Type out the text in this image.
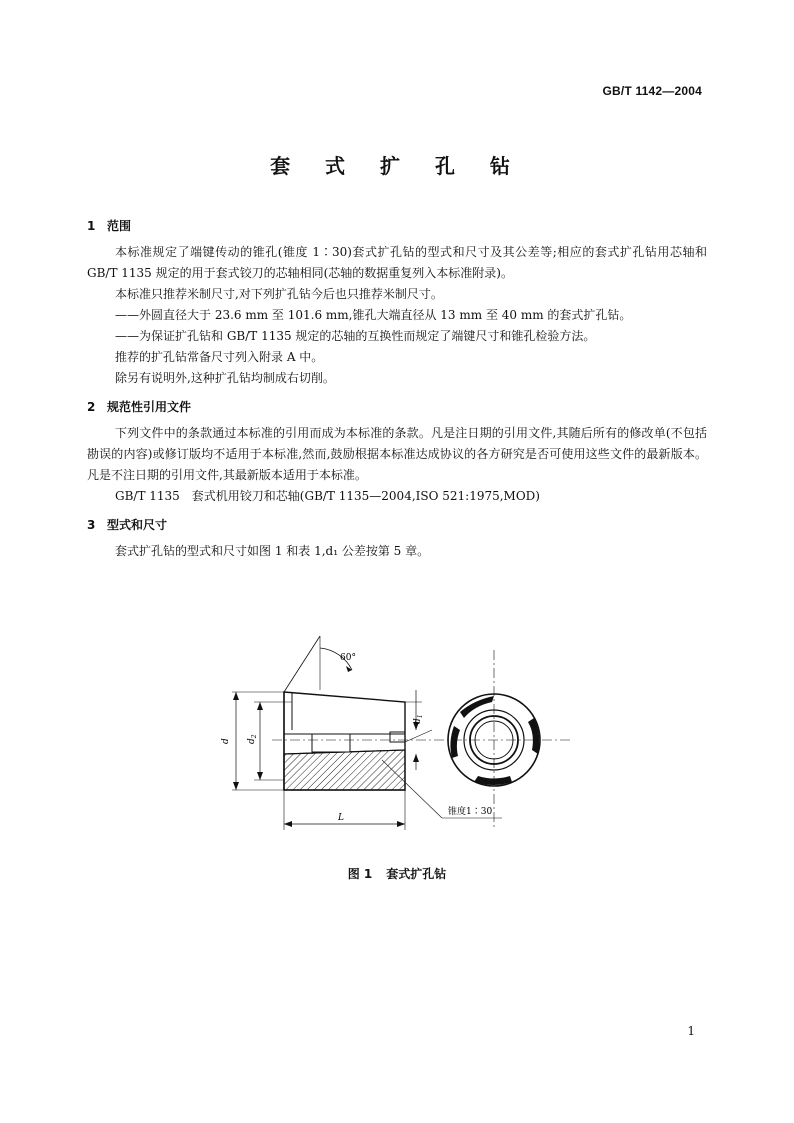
GB/T 1142—2004
套 式 扩 孔 钻
1 范围

本标准规定了端键传动的锥孔(锥度 1∶30)套式扩孔钻的型式和尺寸及其公差等;相应的套式扩孔钻用芯轴和 GB/T 1135 规定的用于套式铰刀的芯轴相同(芯轴的数据重复列入本标准附录)。

本标准只推荐米制尺寸,对下列扩孔钻今后也只推荐米制尺寸。

——外圆直径大于 23.6 mm 至 101.6 mm,锥孔大端直径从 13 mm 至 40 mm 的套式扩孔钻。

——为保证扩孔钻和 GB/T 1135 规定的芯轴的互换性而规定了端键尺寸和锥孔检验方法。

推荐的扩孔钻常备尺寸列入附录 A 中。

除另有说明外,这种扩孔钻均制成右切削。

2 规范性引用文件

下列文件中的条款通过本标准的引用而成为本标准的条款。凡是注日期的引用文件,其随后所有的修改单(不包括勘误的内容)或修订版均不适用于本标准,然而,鼓励根据本标准达成协议的各方研究是否可使用这些文件的最新版本。凡是不注日期的引用文件,其最新版本适用于本标准。

GB/T 1135　套式机用铰刀和芯轴(GB/T 1135—2004,ISO 521:1975,MOD)

3 型式和尺寸

套式扩孔钻的型式和尺寸如图 1 和表 1,d₁ 公差按第 5 章。

60°
d $d_2$
$d_1$
L
锥度1∶30
图 1 套式扩孔钻
1
